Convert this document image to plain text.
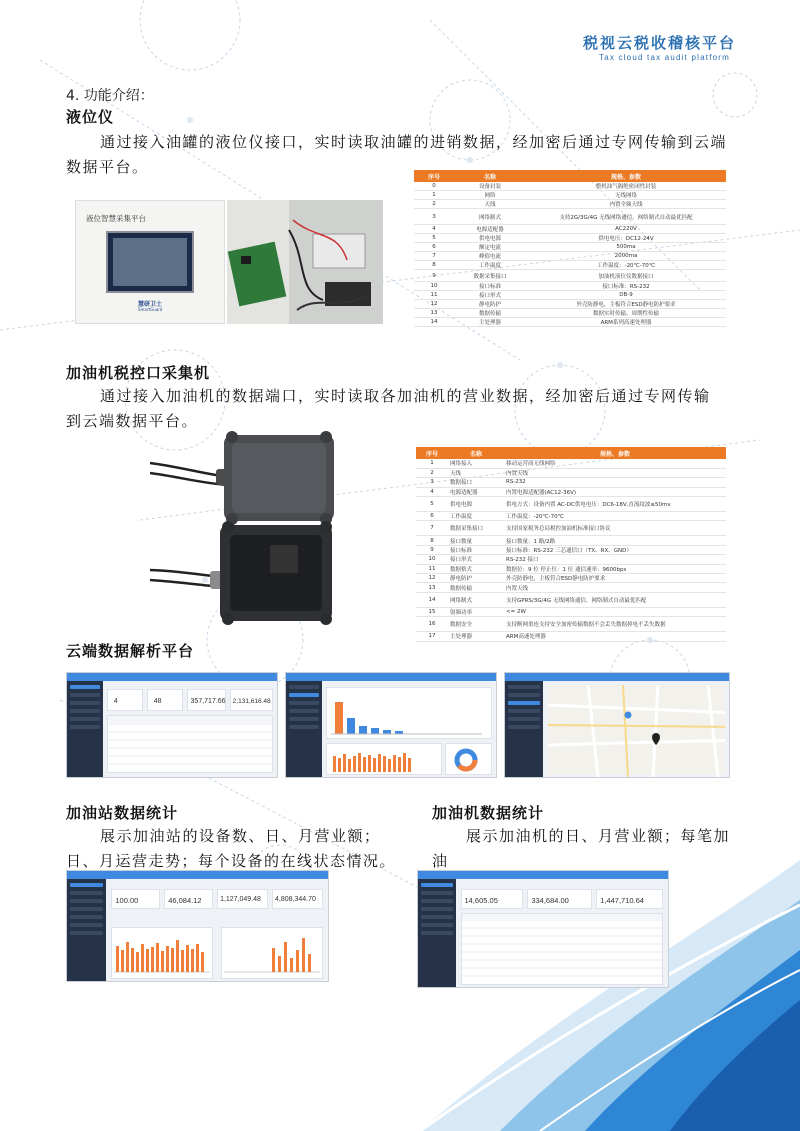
税视云税收稽核平台
Tax cloud tax audit platform
4. 功能介绍：
液位仪
通过接入油罐的液位仪接口，实时读取油罐的进销数据，经加密后通过专网传输到云端
数据平台。
液位智慧采集平台
慧研卫士
SmartGuard
序号	名称	规格、参数
0	设备封装	整机油气隔绝密闭性封装
1	网络	无线网络
2	天线	内置全频天线
3	网络制式	支持2G/3G/4G 无线网络通信，网络制式自动最优匹配
4	电源适配器	AC220V
5	供电电源	供电电压：DC12-24V
6	额定电流	500ma
7	峰值电流	2000ma
8	工作温度	工作温度：-20℃-70℃
9	数据采集接口	加油机液位仪数据接口
10	接口标准	接口标准：RS-232
11	接口形式	DB-9
12	静电防护	外壳防静电，主板符合ESD静电防护要求
13	数据传输	数据实时传输、周期性传输
14	主处理器	ARM系列高速处理器
加油机税控口采集机
通过接入加油机的数据端口，实时读取各加油机的营业数据，经加密后通过专网传输
到云端数据平台。
序号	名称	规格、参数
1	网络接入	移动运营商无线网络
2	天线	内置天线
3	数据接口	RS-232
4	电源适配器	内置电源适配器(AC12-36V)
5	供电电源	供电方式：设备内置 AC-DC供电电压：DC6-18V,直流纹波≤50mv
6	工作温度	工作温度：-20℃-70℃
7	数据采集接口	支持国家税务总局税控加油机标准接口协议
8	接口数量	接口数量：1 路/2路
9	接口标准	接口标准：RS-232 三芯通信口（TX、RX、GND）
10	接口形式	RS-232 接口
11	数据格式	数据位：9 位 停止位：1 位 通信速率：9600bps
12	静电防护	外壳防静电，主板符合ESD静电防护要求
13	数据传输	内置天线
14	网络制式	支持GPRS/3G/4G 无线网络通信，网络制式自动最优匹配
15	射频功率	<= 2W
16	数据安全	支持断网重连支持安全加密传输数据不会丢失数据掉电不丢失数据
17	主处理器	ARM高速处理器
云端数据解析平台
4	48	357,717.66 2,131,616.48
加油站数据统计
展示加油站的设备数、日、月营业额；
日、月运营走势；每个设备的在线状态情况。
100.00	46,084.12	1,127,049.48 4,808,344.70
加油机数据统计
展示加油机的日、月营业额；每笔加油
14,605.05	334,684.00	1,447,710.64
